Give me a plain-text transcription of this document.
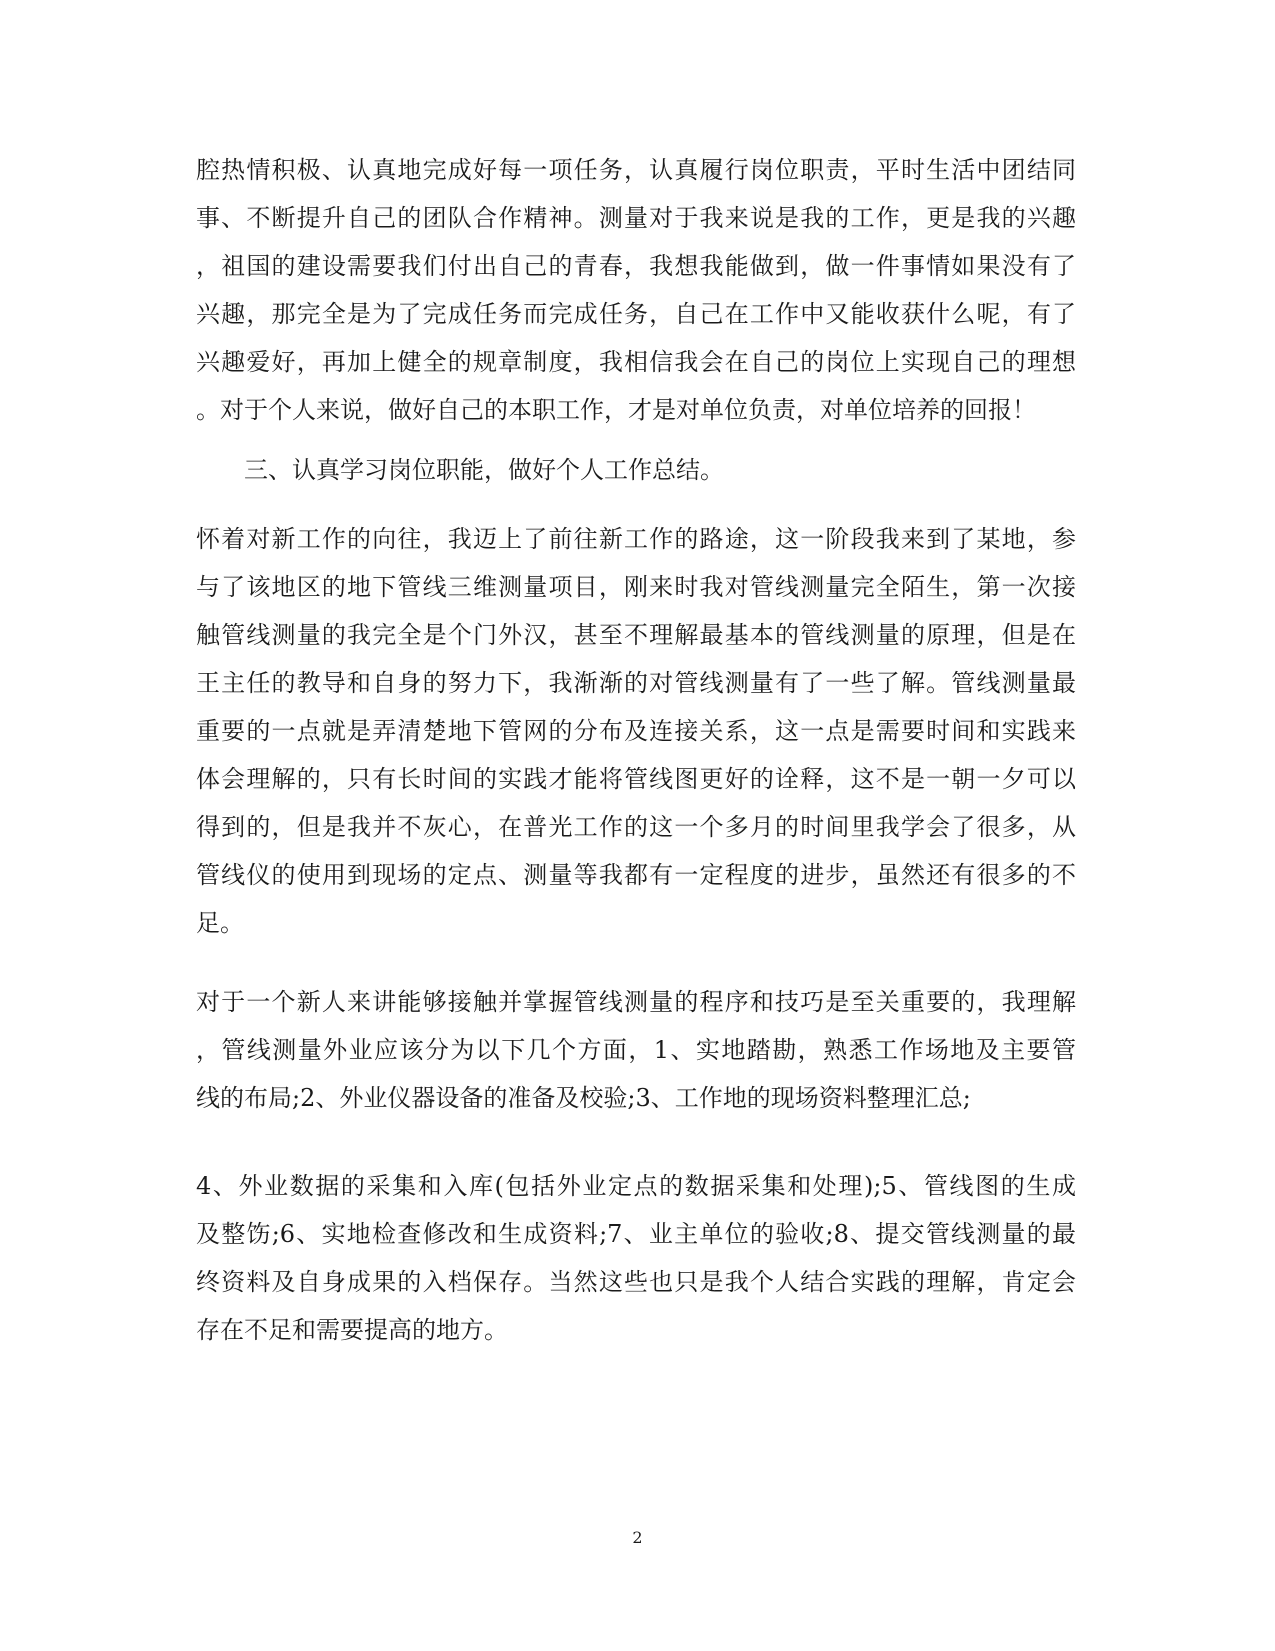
腔热情积极、认真地完成好每一项任务，认真履行岗位职责，平时生活中团结同
事、不断提升自己的团队合作精神。测量对于我来说是我的工作，更是我的兴趣
，祖国的建设需要我们付出自己的青春，我想我能做到，做一件事情如果没有了
兴趣，那完全是为了完成任务而完成任务，自己在工作中又能收获什么呢，有了
兴趣爱好，再加上健全的规章制度，我相信我会在自己的岗位上实现自己的理想
。对于个人来说，做好自己的本职工作，才是对单位负责，对单位培养的回报！
三、认真学习岗位职能，做好个人工作总结。
怀着对新工作的向往，我迈上了前往新工作的路途，这一阶段我来到了某地，参
与了该地区的地下管线三维测量项目，刚来时我对管线测量完全陌生，第一次接
触管线测量的我完全是个门外汉，甚至不理解最基本的管线测量的原理，但是在
王主任的教导和自身的努力下，我渐渐的对管线测量有了一些了解。管线测量最
重要的一点就是弄清楚地下管网的分布及连接关系，这一点是需要时间和实践来
体会理解的，只有长时间的实践才能将管线图更好的诠释，这不是一朝一夕可以
得到的，但是我并不灰心，在普光工作的这一个多月的时间里我学会了很多，从
管线仪的使用到现场的定点、测量等我都有一定程度的进步，虽然还有很多的不
足。
对于一个新人来讲能够接触并掌握管线测量的程序和技巧是至关重要的，我理解
，管线测量外业应该分为以下几个方面，1、实地踏勘，熟悉工作场地及主要管
线的布局;2、外业仪器设备的准备及校验;3、工作地的现场资料整理汇总;
4、外业数据的采集和入库(包括外业定点的数据采集和处理);5、管线图的生成
及整饬;6、实地检查修改和生成资料;7、业主单位的验收;8、提交管线测量的最
终资料及自身成果的入档保存。当然这些也只是我个人结合实践的理解，肯定会
存在不足和需要提高的地方。
2
